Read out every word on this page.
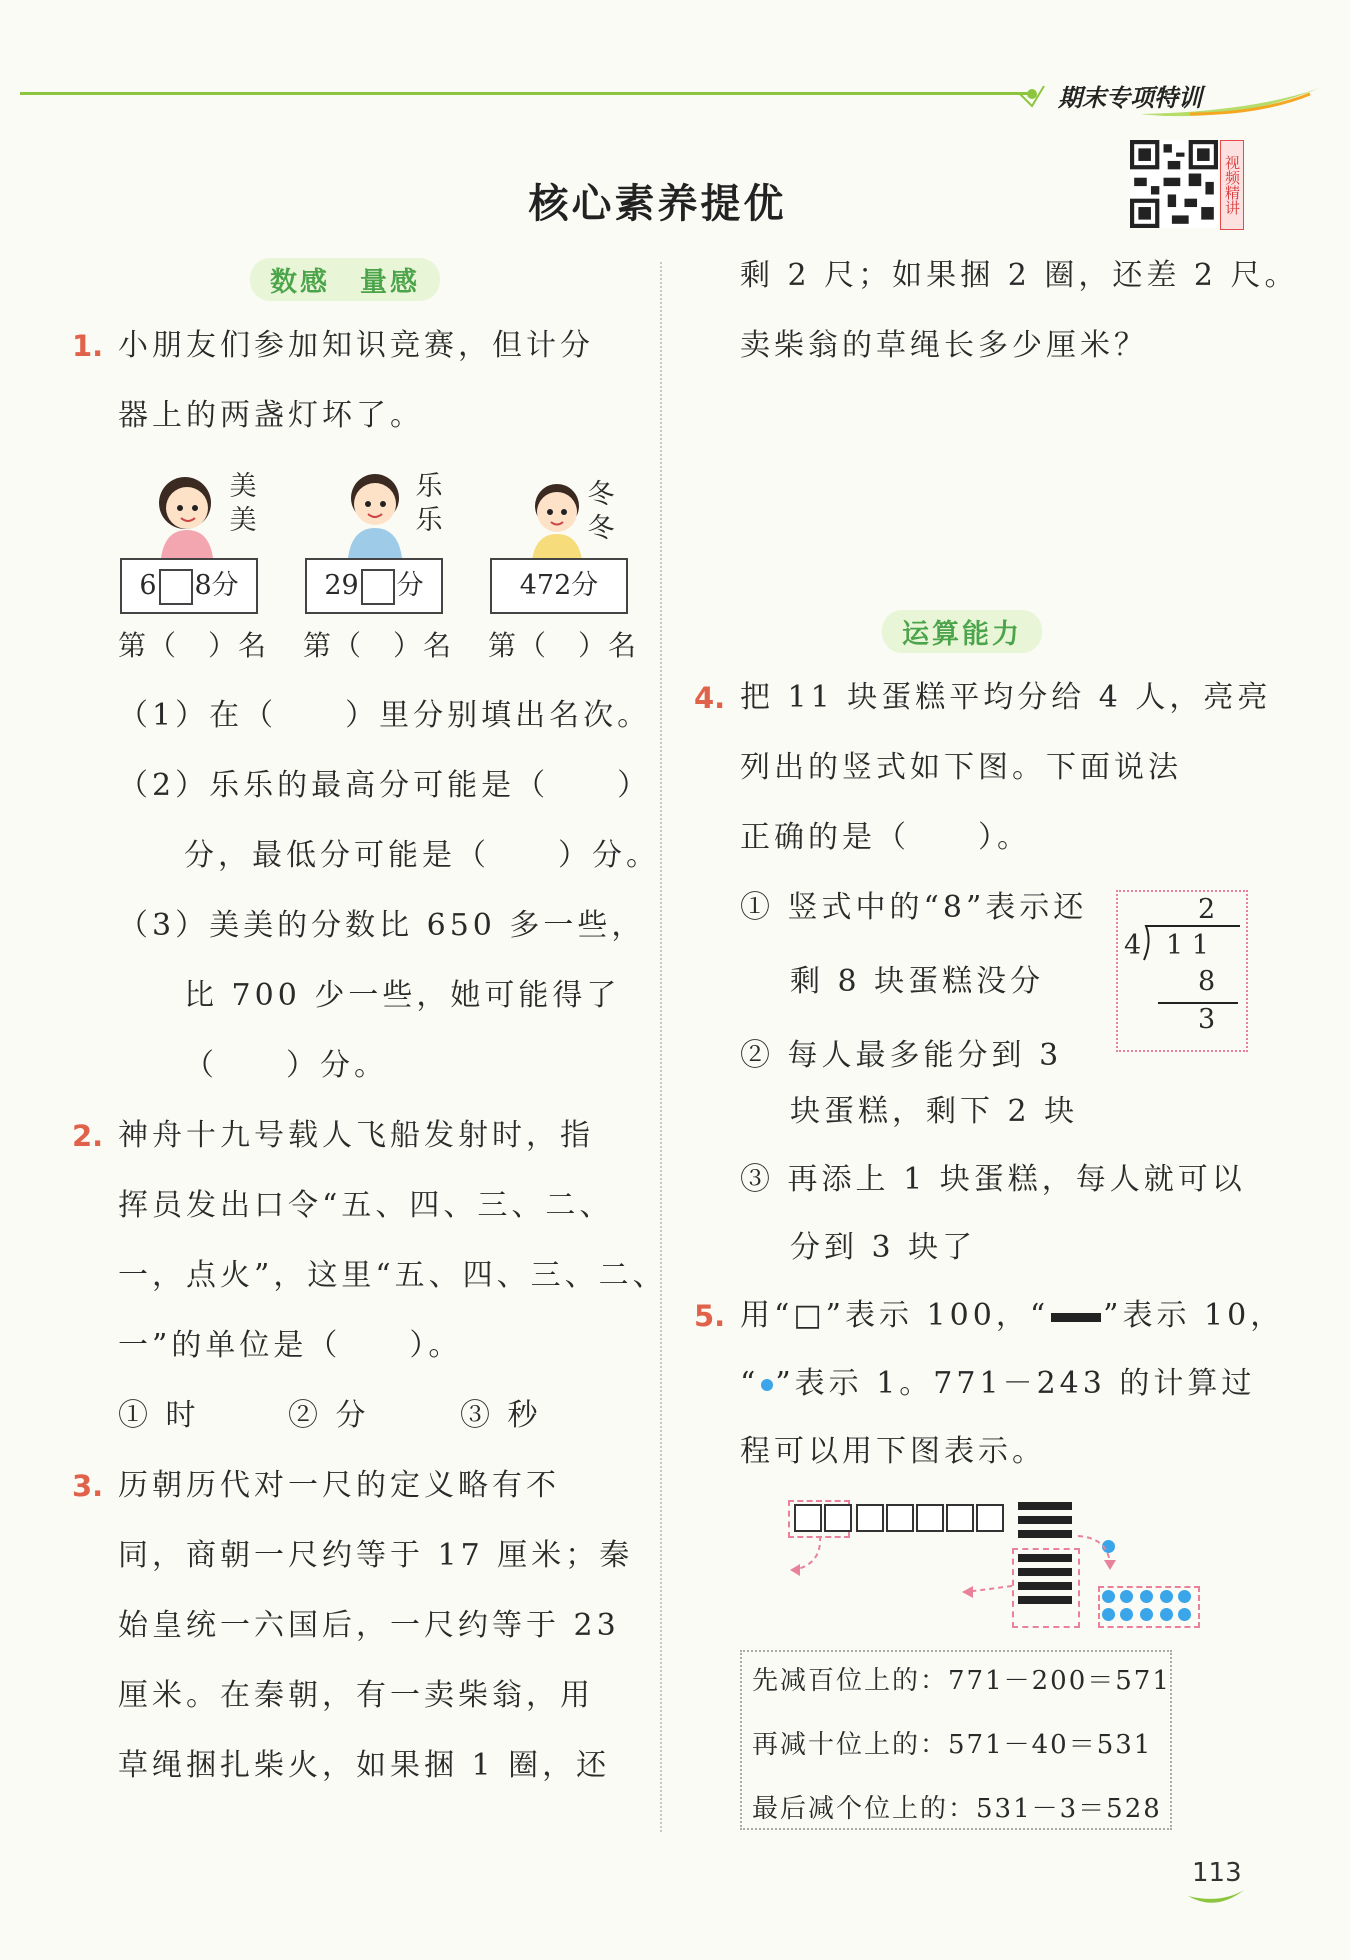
期末专项特训
核心素养提优	视频精讲
数感　量感
1. 小朋友们参加知识竞赛，但计分
器上的两盏灯坏了。
美美
乐乐
冬冬
6 8分	29 分	472分
第（　）名 第（　）名 第（　）名
（1）在（　　）里分别填出名次。
（2）乐乐的最高分可能是（　　）
分，最低分可能是（　　）分。
（3）美美的分数比 650 多一些，
比 700 少一些，她可能得了
（　　）分。
2. 神舟十九号载人飞船发射时，指
挥员发出口令“五、四、三、二、
一，点火”，这里“五、四、三、二、
一”的单位是（　　）。
① 时	② 分	③ 秒
3. 历朝历代对一尺的定义略有不
同，商朝一尺约等于 17 厘米；秦
始皇统一六国后，一尺约等于 23
厘米。在秦朝，有一卖柴翁，用
草绳捆扎柴火，如果捆 1 圈，还
剩 2 尺；如果捆 2 圈，还差 2 尺。
卖柴翁的草绳长多少厘米？
运算能力
4. 把 11 块蛋糕平均分给 4 人，亮亮
列出的竖式如下图。下面说法
正确的是（　　）。
① 竖式中的“8”表示还
剩 8 块蛋糕没分
② 每人最多能分到 3
块蛋糕，剩下 2 块
③ 再添上 1 块蛋糕，每人就可以
分到 3 块了
2
4 1 1
8
3
5. 用“□”表示 100，“ ”表示 10，
“ ”表示 1。771－243 的计算过
程可以用下图表示。
先减百位上的：771－200＝571
再减十位上的：571－40＝531
最后减个位上的：531－3＝528
113
